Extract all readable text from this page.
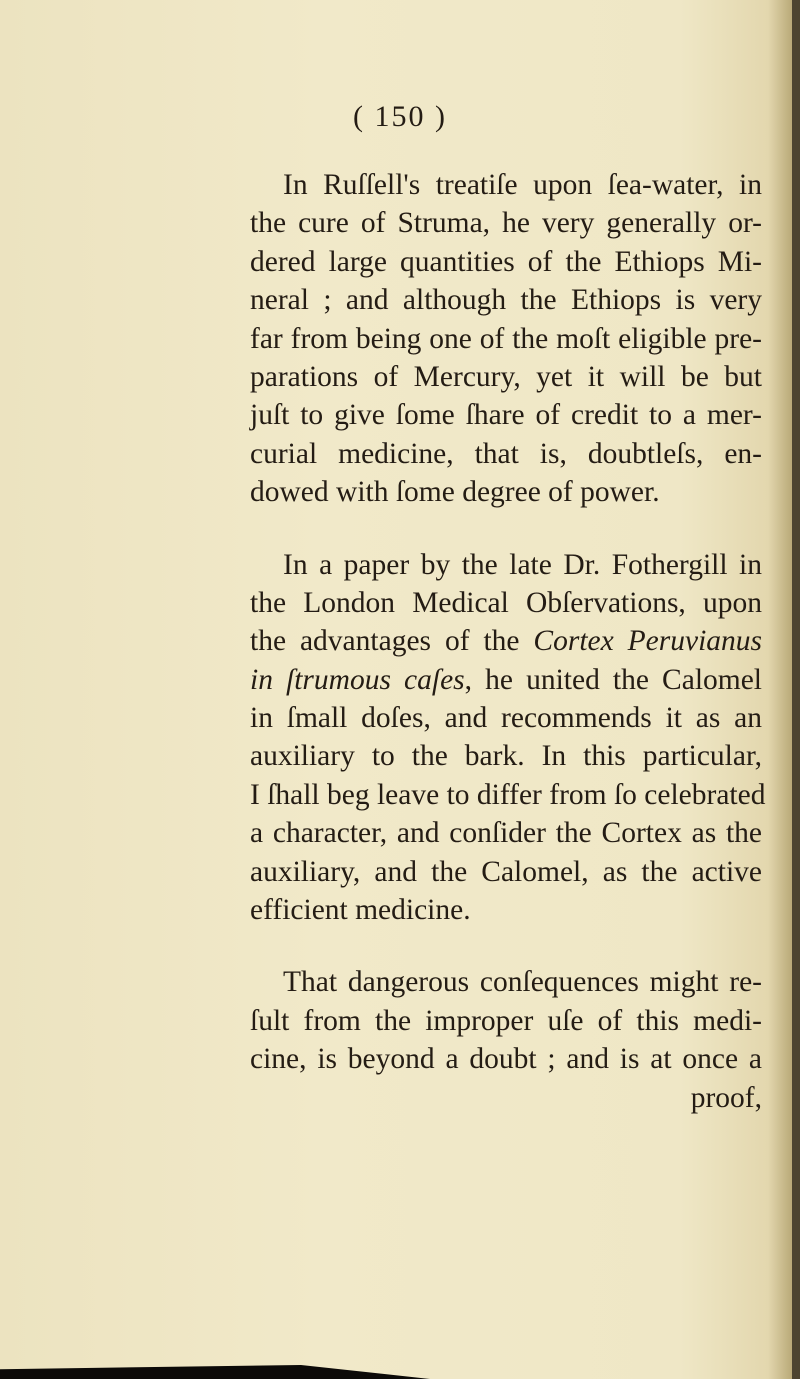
( 150 )
In Ruſſell's treatiſe upon ſea-water, in
the cure of Struma, he very generally or-
dered large quantities of the Ethiops Mi-
neral ; and although the Ethiops is very
far from being one of the moſt eligible pre-
parations of Mercury, yet it will be but
juſt to give ſome ſhare of credit to a mer-
curial medicine, that is, doubtleſs, en-
dowed with ſome degree of power.
In a paper by the late Dr. Fothergill in
the London Medical Obſervations, upon
the advantages of the Cortex Peruvianus
in ſtrumous caſes, he united the Calomel
in ſmall doſes, and recommends it as an
auxiliary to the bark. In this particular,
I ſhall beg leave to differ from ſo celebrated
a character, and conſider the Cortex as the
auxiliary, and the Calomel, as the active
efficient medicine.
That dangerous conſequences might re-
ſult from the improper uſe of this medi-
cine, is beyond a doubt ; and is at once a
proof,
